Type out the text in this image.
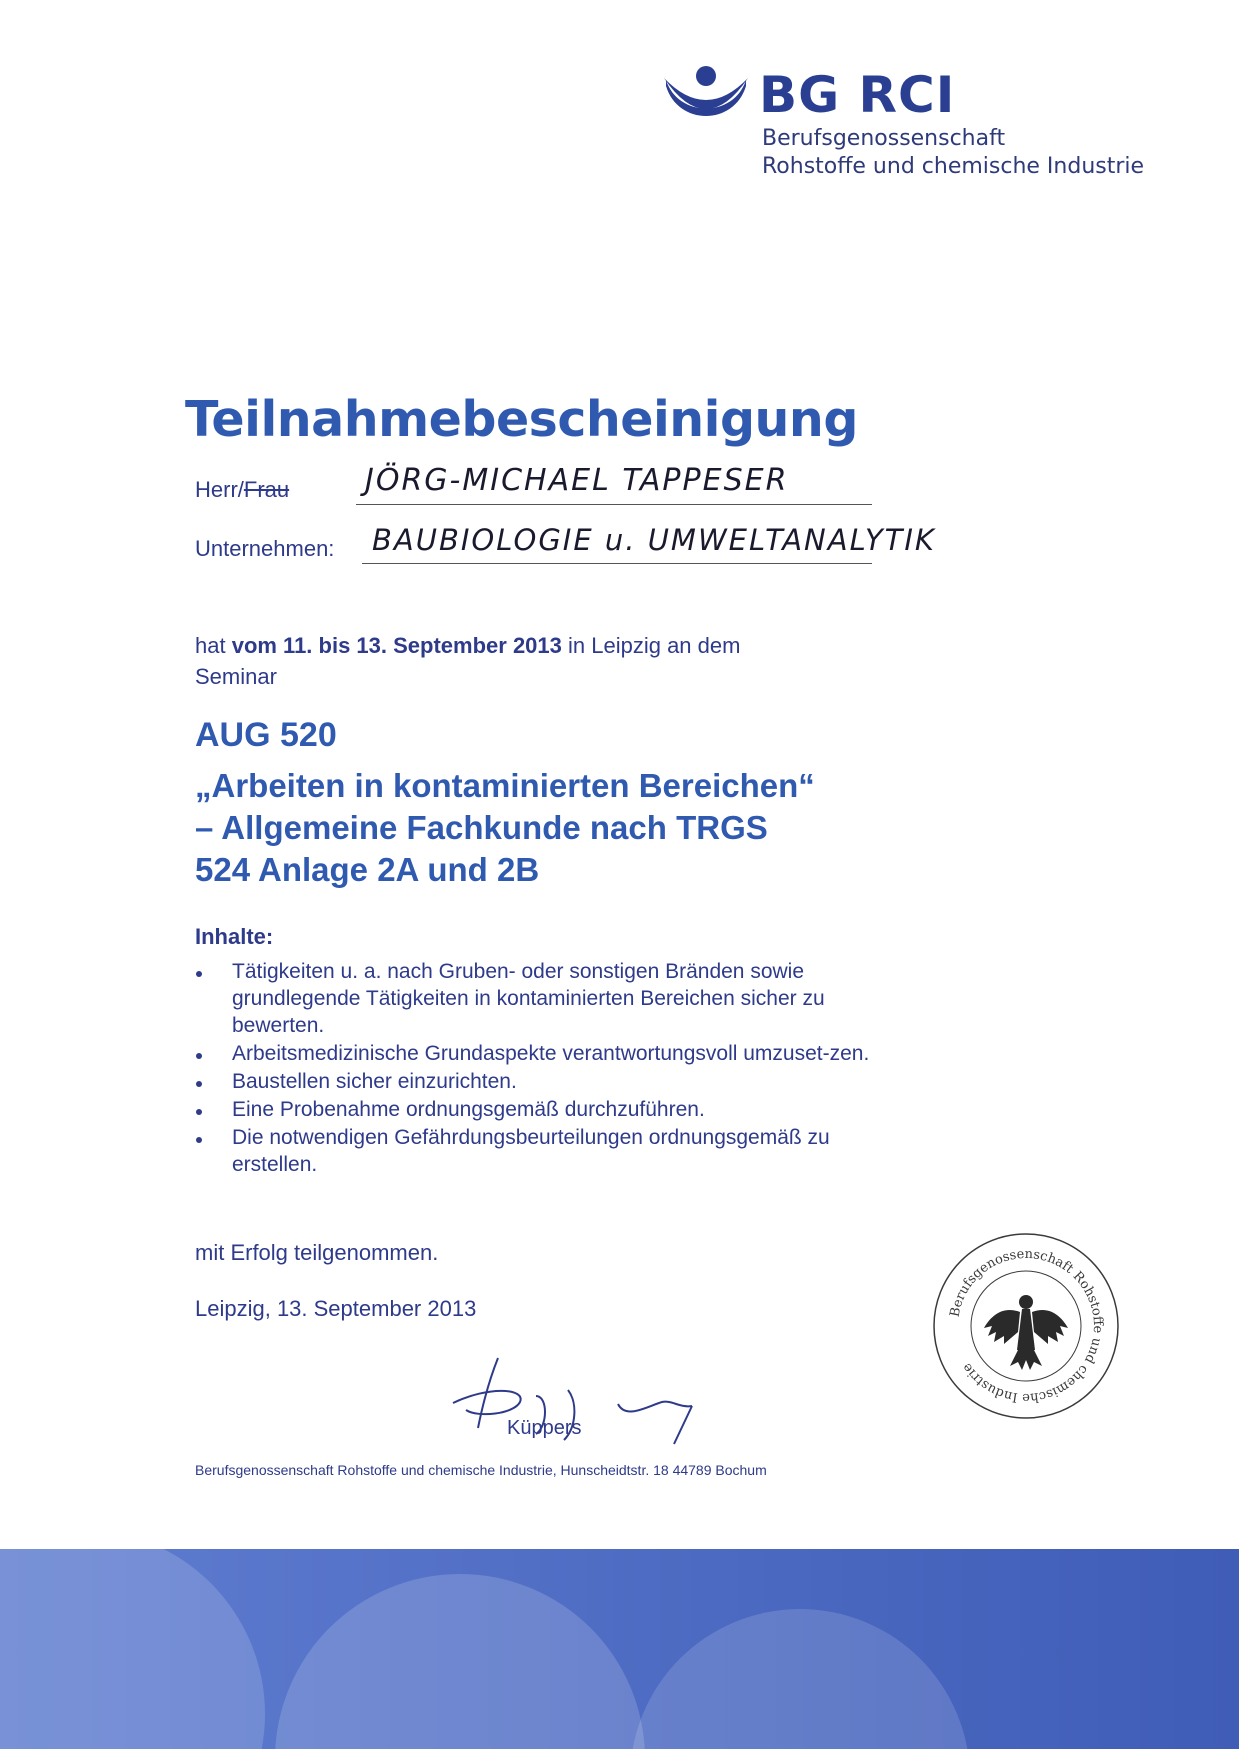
BG RCI
Berufsgenossenschaft
Rohstoffe und chemische Industrie
Teilnahmebescheinigung
Herr/Frau	JÖRG-MICHAEL TAPPESER
Unternehmen: BAUBIOLOGIE u. UMWELTANALYTIK
hat vom 11. bis 13. September 2013 in Leipzig an dem
Seminar
AUG 520
„Arbeiten in kontaminierten Bereichen“
– Allgemeine Fachkunde nach TRGS
524 Anlage 2A und 2B
Inhalte:
Tätigkeiten u. a. nach Gruben- oder sonstigen Bränden sowie grundlegende Tätigkeiten in kontaminierten Bereichen sicher zu bewerten.
Arbeitsmedizinische Grundaspekte verantwortungsvoll umzuset-zen.
Baustellen sicher einzurichten.
Eine Probenahme ordnungsgemäß durchzuführen.
Die notwendigen Gefährdungsbeurteilungen ordnungsgemäß zu erstellen.
mit Erfolg teilgenommen.
Leipzig, 13. September 2013
Küppers
Berufsgenossenschaft Rohstoffe und chemische Industrie
Berufsgenossenschaft Rohstoffe und chemische Industrie, Hunscheidtstr. 18 44789 Bochum
